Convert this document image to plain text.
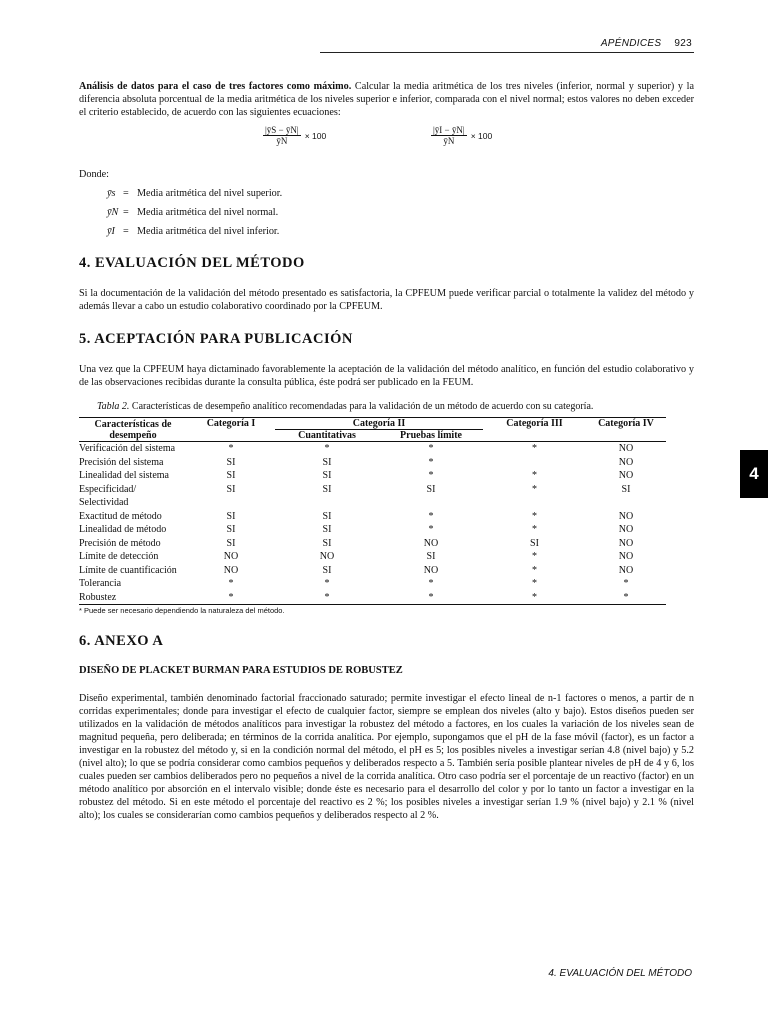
APÉNDICES 923

Análisis de datos para el caso de tres factores como máximo. Calcular la media aritmética de los tres niveles (inferior, normal y superior) y la diferencia absoluta porcentual de la media aritmética de los niveles superior e inferior, comparada con el nivel normal; estos valores no deben exceder el criterio establecido, de acuerdo con las siguientes ecuaciones:

$\frac{|ȳS - ȳN|}{ȳN} \times 100$	$\frac{|ȳI - ȳN|}{ȳN} \times 100$
Donde:
ȳs = Media aritmética del nivel superior.
ȳN = Media aritmética del nivel normal.
ȳI = Media aritmética del nivel inferior.
4. EVALUACIÓN DEL MÉTODO

Si la documentación de la validación del método presentado es satisfactoria, la CPFEUM puede verificar parcial o totalmente la validez del método y además llevar a cabo un estudio colaborativo coordinado por la CPFEUM.

5. ACEPTACIÓN PARA PUBLICACIÓN

Una vez que la CPFEUM haya dictaminado favorablemente la aceptación de la validación del método analítico, en función del estudio colaborativo y de las observaciones recibidas durante la consulta pública, éste podrá ser publicado en la FEUM.

Tabla 2. Características de desempeño analítico recomendadas para la validación de un método de acuerdo con su categoría.
Características de desempeño	Categoría I	Categoría II		Categoría III	Categoría IV
		Cuantitativas	Pruebas límite		
Verificación del sistema	*	*	*	*	NO
Precisión del sistema	SI	SI	*		NO
Linealidad del sistema	SI	SI	*	*	NO
Especificidad/ Selectividad	SI	SI	SI	*	SI
Exactitud de método	SI	SI	*	*	NO
Linealidad de método	SI	SI	*	*	NO
Precisión de método	SI	SI	NO	SI	NO
Límite de detección	NO	NO	SI	*	NO
Límite de cuantificación	NO	SI	NO	*	NO
Tolerancia	*	*	*	*	*
Robustez	*	*	*	*	*
* Puede ser necesario dependiendo la naturaleza del método.
6. ANEXO A
DISEÑO DE PLACKET BURMAN PARA ESTUDIOS DE ROBUSTEZ

Diseño experimental, también denominado factorial fraccionado saturado; permite investigar el efecto lineal de n-1 factores o menos, a partir de n corridas experimentales; donde para investigar el efecto de cualquier factor, siempre se emplean dos niveles (alto y bajo). Estos diseños pueden ser utilizados en la validación de métodos analíticos para investigar la robustez del método a factores, en los cuales la variación de los niveles sean de magnitud pequeña, pero deliberada; en términos de la corrida analítica. Por ejemplo, supongamos que el pH de la fase móvil (factor), es un factor a investigar en la robustez del método y, si en la condición normal del método, el pH es 5; los posibles niveles a investigar serían 4.8 (nivel bajo) y 5.2 (nivel alto); lo que se podría considerar como cambios pequeños y deliberados respecto a 5. También sería posible plantear niveles de pH de 4 y 6, los cuales pueden ser cambios deliberados pero no pequeños a nivel de la corrida analítica. Otro caso podría ser el porcentaje de un reactivo (factor) en un método analítico por absorción en el intervalo visible; donde éste es necesario para el desarrollo del color y por lo tanto un factor a investigar en la robustez del método. Si en este método el porcentaje del reactivo es 2 %; los posibles niveles a investigar serían 1.9 % (nivel bajo) y 2.1 % (nivel alto); los cuales se considerarían como cambios pequeños y deliberados respecto al 2 %.

4. EVALUACIÓN DEL MÉTODO
4
